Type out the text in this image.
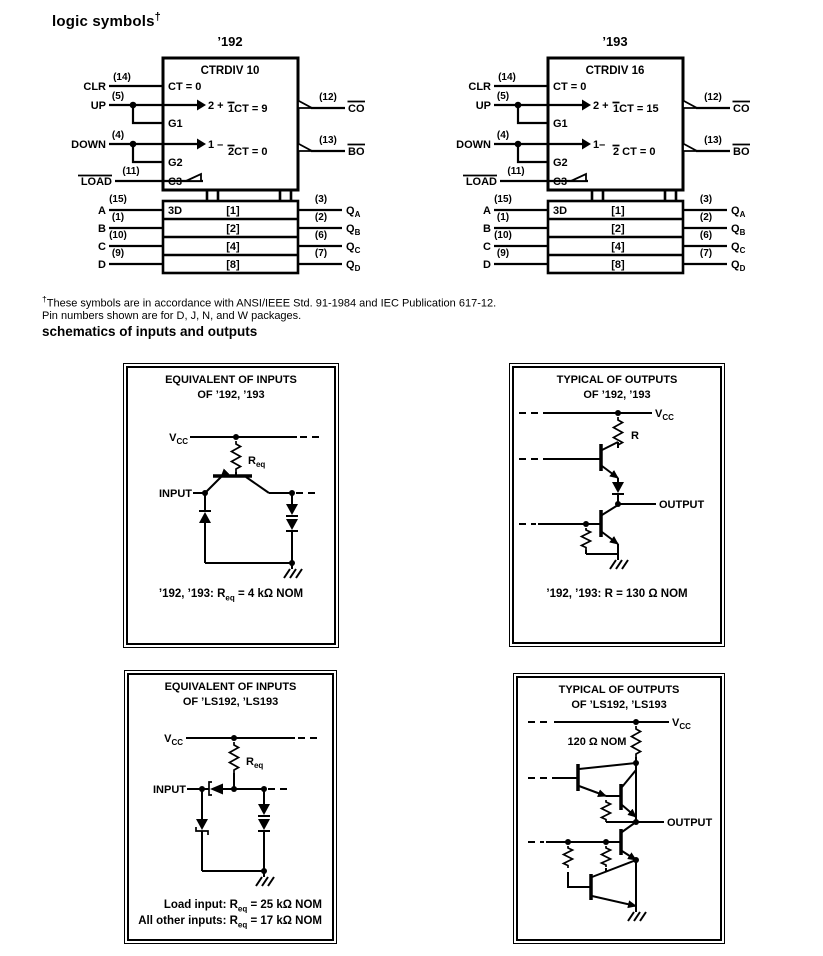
logic symbols†
’192
CTRDIV 10
CT = 0
2 +
G1
1 –
G2
C3
1CT = 9
2CT = 0
CLR
(14)
UP
(5)
DOWN
(4)
LOAD
(11)
(12)
CO
(13)
BO
3D	[1]
[2]
[4]
[8]
A
(15)	(3)
$Q_A$
B
(1)	(2)
$Q_B$
C
(10)	(6)
$Q_C$
D
(9)	(7)
$Q_D$
’193
CTRDIV 16
CT = 0
2 +
G1
1–
G2
C3
1CT = 15
2 CT = 0
CLR
(14)
UP
(5)
DOWN
(4)
LOAD
(11)
(12)
CO
(13)
BO
3D	[1]
[2]
[4]
[8]
A
(15)	(3)
$Q_A$
B
(1)	(2)
$Q_B$
C
(10)	(6)
$Q_C$
D
(9)	(7)
$Q_D$
†These symbols are in accordance with ANSI/IEEE Std. 91-1984 and IEC Publication 617-12.
Pin numbers shown are for D, J, N, and W packages.
schematics of inputs and outputs
EQUIVALENT OF INPUTS
OF ’192, ’193
$V_{CC}$
$R_{eq}$
INPUT
’192, ’193: $R_{eq} = 4$ kΩ NOM
TYPICAL OF OUTPUTS
OF ’192, ’193
$V_{CC}$
R
OUTPUT
’192, ’193: R = 130 Ω NOM
EQUIVALENT OF INPUTS
OF ’LS192, ’LS193
$V_{CC}$
$R_{eq}$
INPUT
Load input: $R_{eq} = 25$ kΩ NOM
All other inputs: $R_{eq} = 17$ kΩ NOM
TYPICAL OF OUTPUTS
OF ’LS192, ’LS193
$V_{CC}$
120 Ω NOM
OUTPUT
